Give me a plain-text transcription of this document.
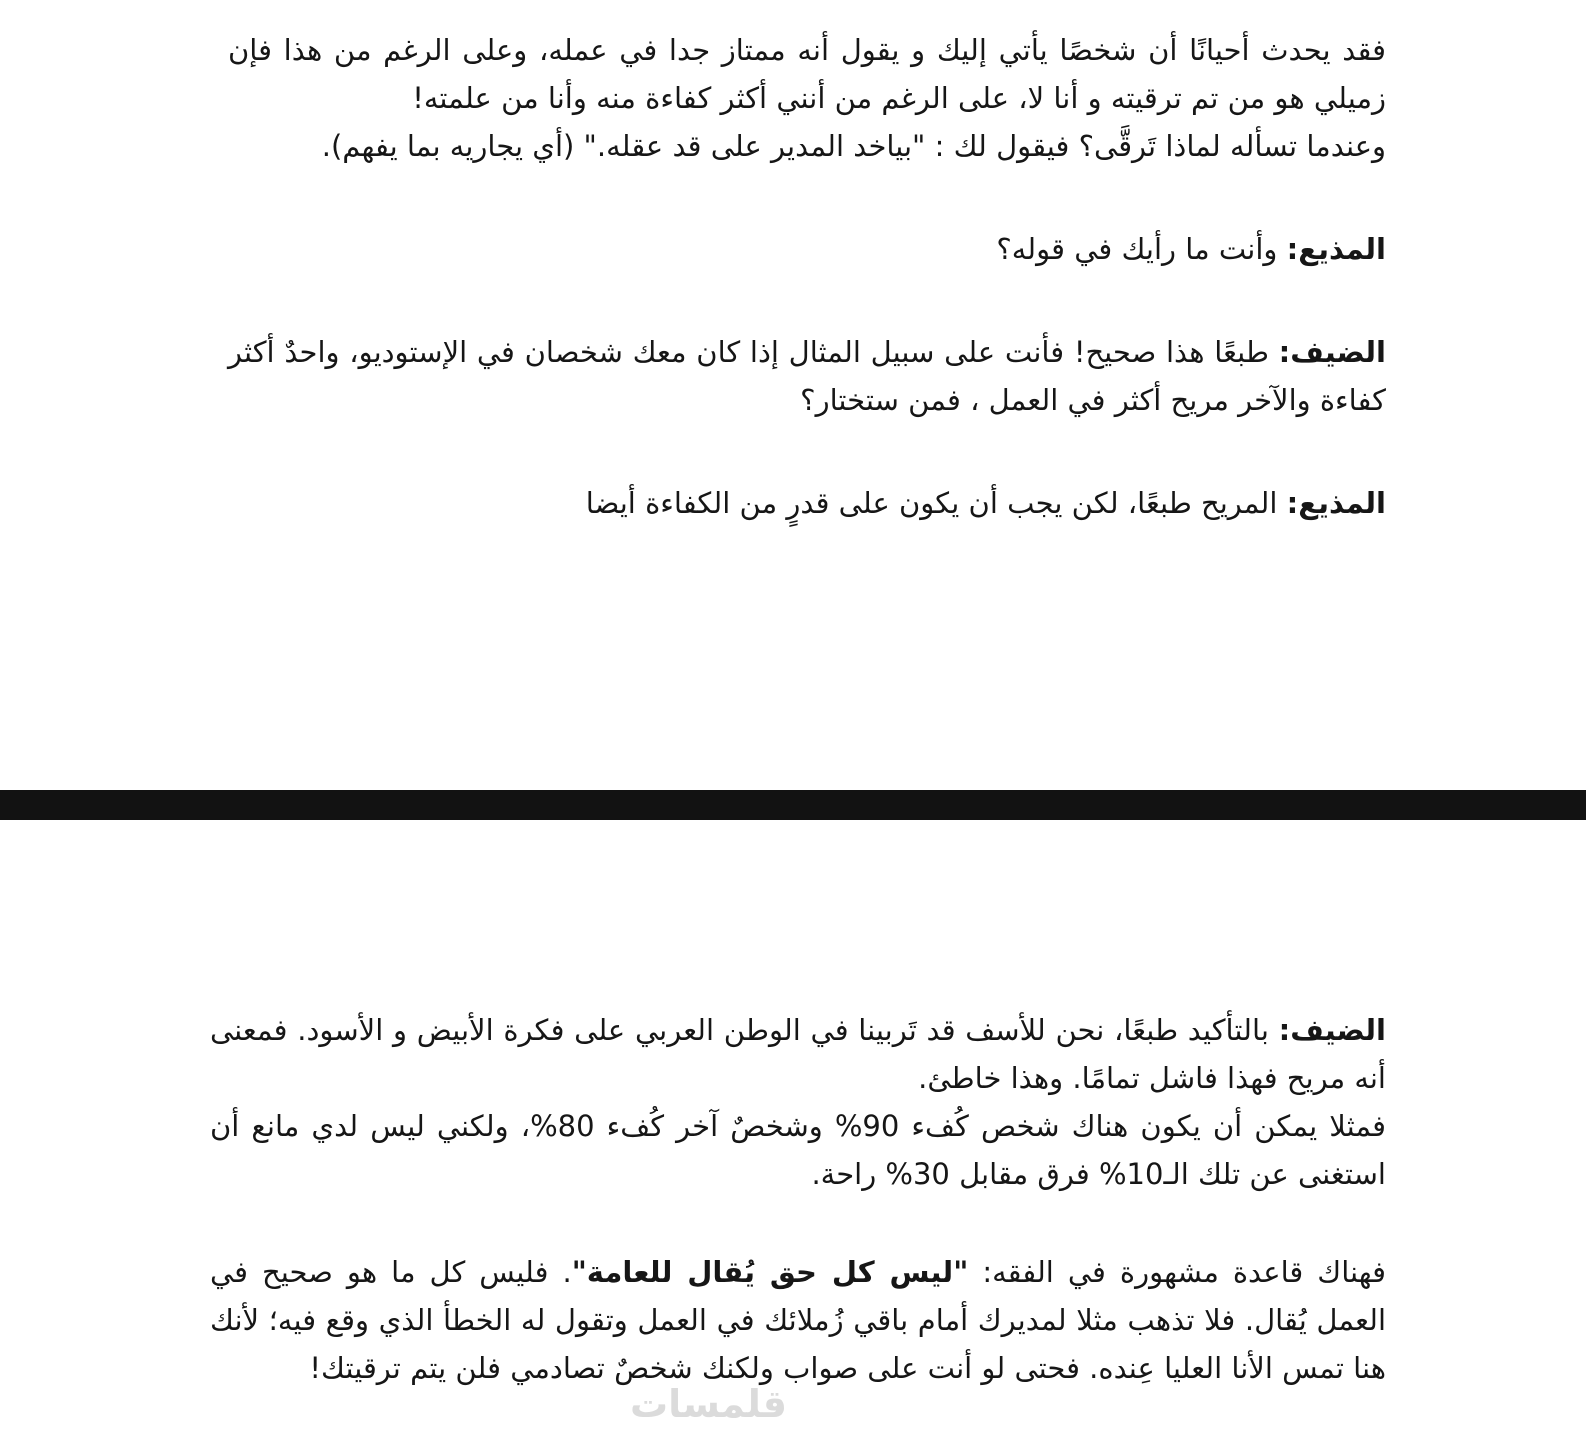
فقد يحدث أحيانًا أن شخصًا يأتي إليك و يقول أنه ممتاز جدا في عمله، وعلى الرغم من هذا فإن زميلي هو من تم ترقيته و أنا لا، على الرغم من أنني أكثر كفاءة منه وأنا من علمته!
وعندما تسأله لماذا تَرقَّى؟ فيقول لك : "بياخد المدير على قد عقله." (أي يجاريه بما يفهم).

المذيع: وأنت ما رأيك في قوله؟

الضيف: طبعًا هذا صحيح! فأنت على سبيل المثال إذا كان معك شخصان في الإستوديو، واحدٌ أكثر كفاءة والآخر مريح أكثر في العمل ، فمن ستختار؟

المذيع: المريح طبعًا، لكن يجب أن يكون على قدرٍ من الكفاءة أيضا

الضيف: بالتأكيد طبعًا، نحن للأسف قد تَربينا في الوطن العربي على فكرة الأبيض و الأسود. فمعنى أنه مريح فهذا فاشل تمامًا. وهذا خاطئ.
فمثلا يمكن أن يكون هناك شخص كُفء 90% وشخصٌ آخر كُفء 80%، ولكني ليس لدي مانع أن استغنى عن تلك الـ10% فرق مقابل 30% راحة.

فهناك قاعدة مشهورة في الفقه: "ليس كل حق يُقال للعامة". فليس كل ما هو صحيح في العمل يُقال. فلا تذهب مثلا لمديرك أمام باقي زُملائك في العمل وتقول له الخطأ الذي وقع فيه؛ لأنك هنا تمس الأنا العليا عِنده. فحتى لو أنت على صواب ولكنك شخصٌ تصادمي فلن يتم ترقيتك!

قلمسات
